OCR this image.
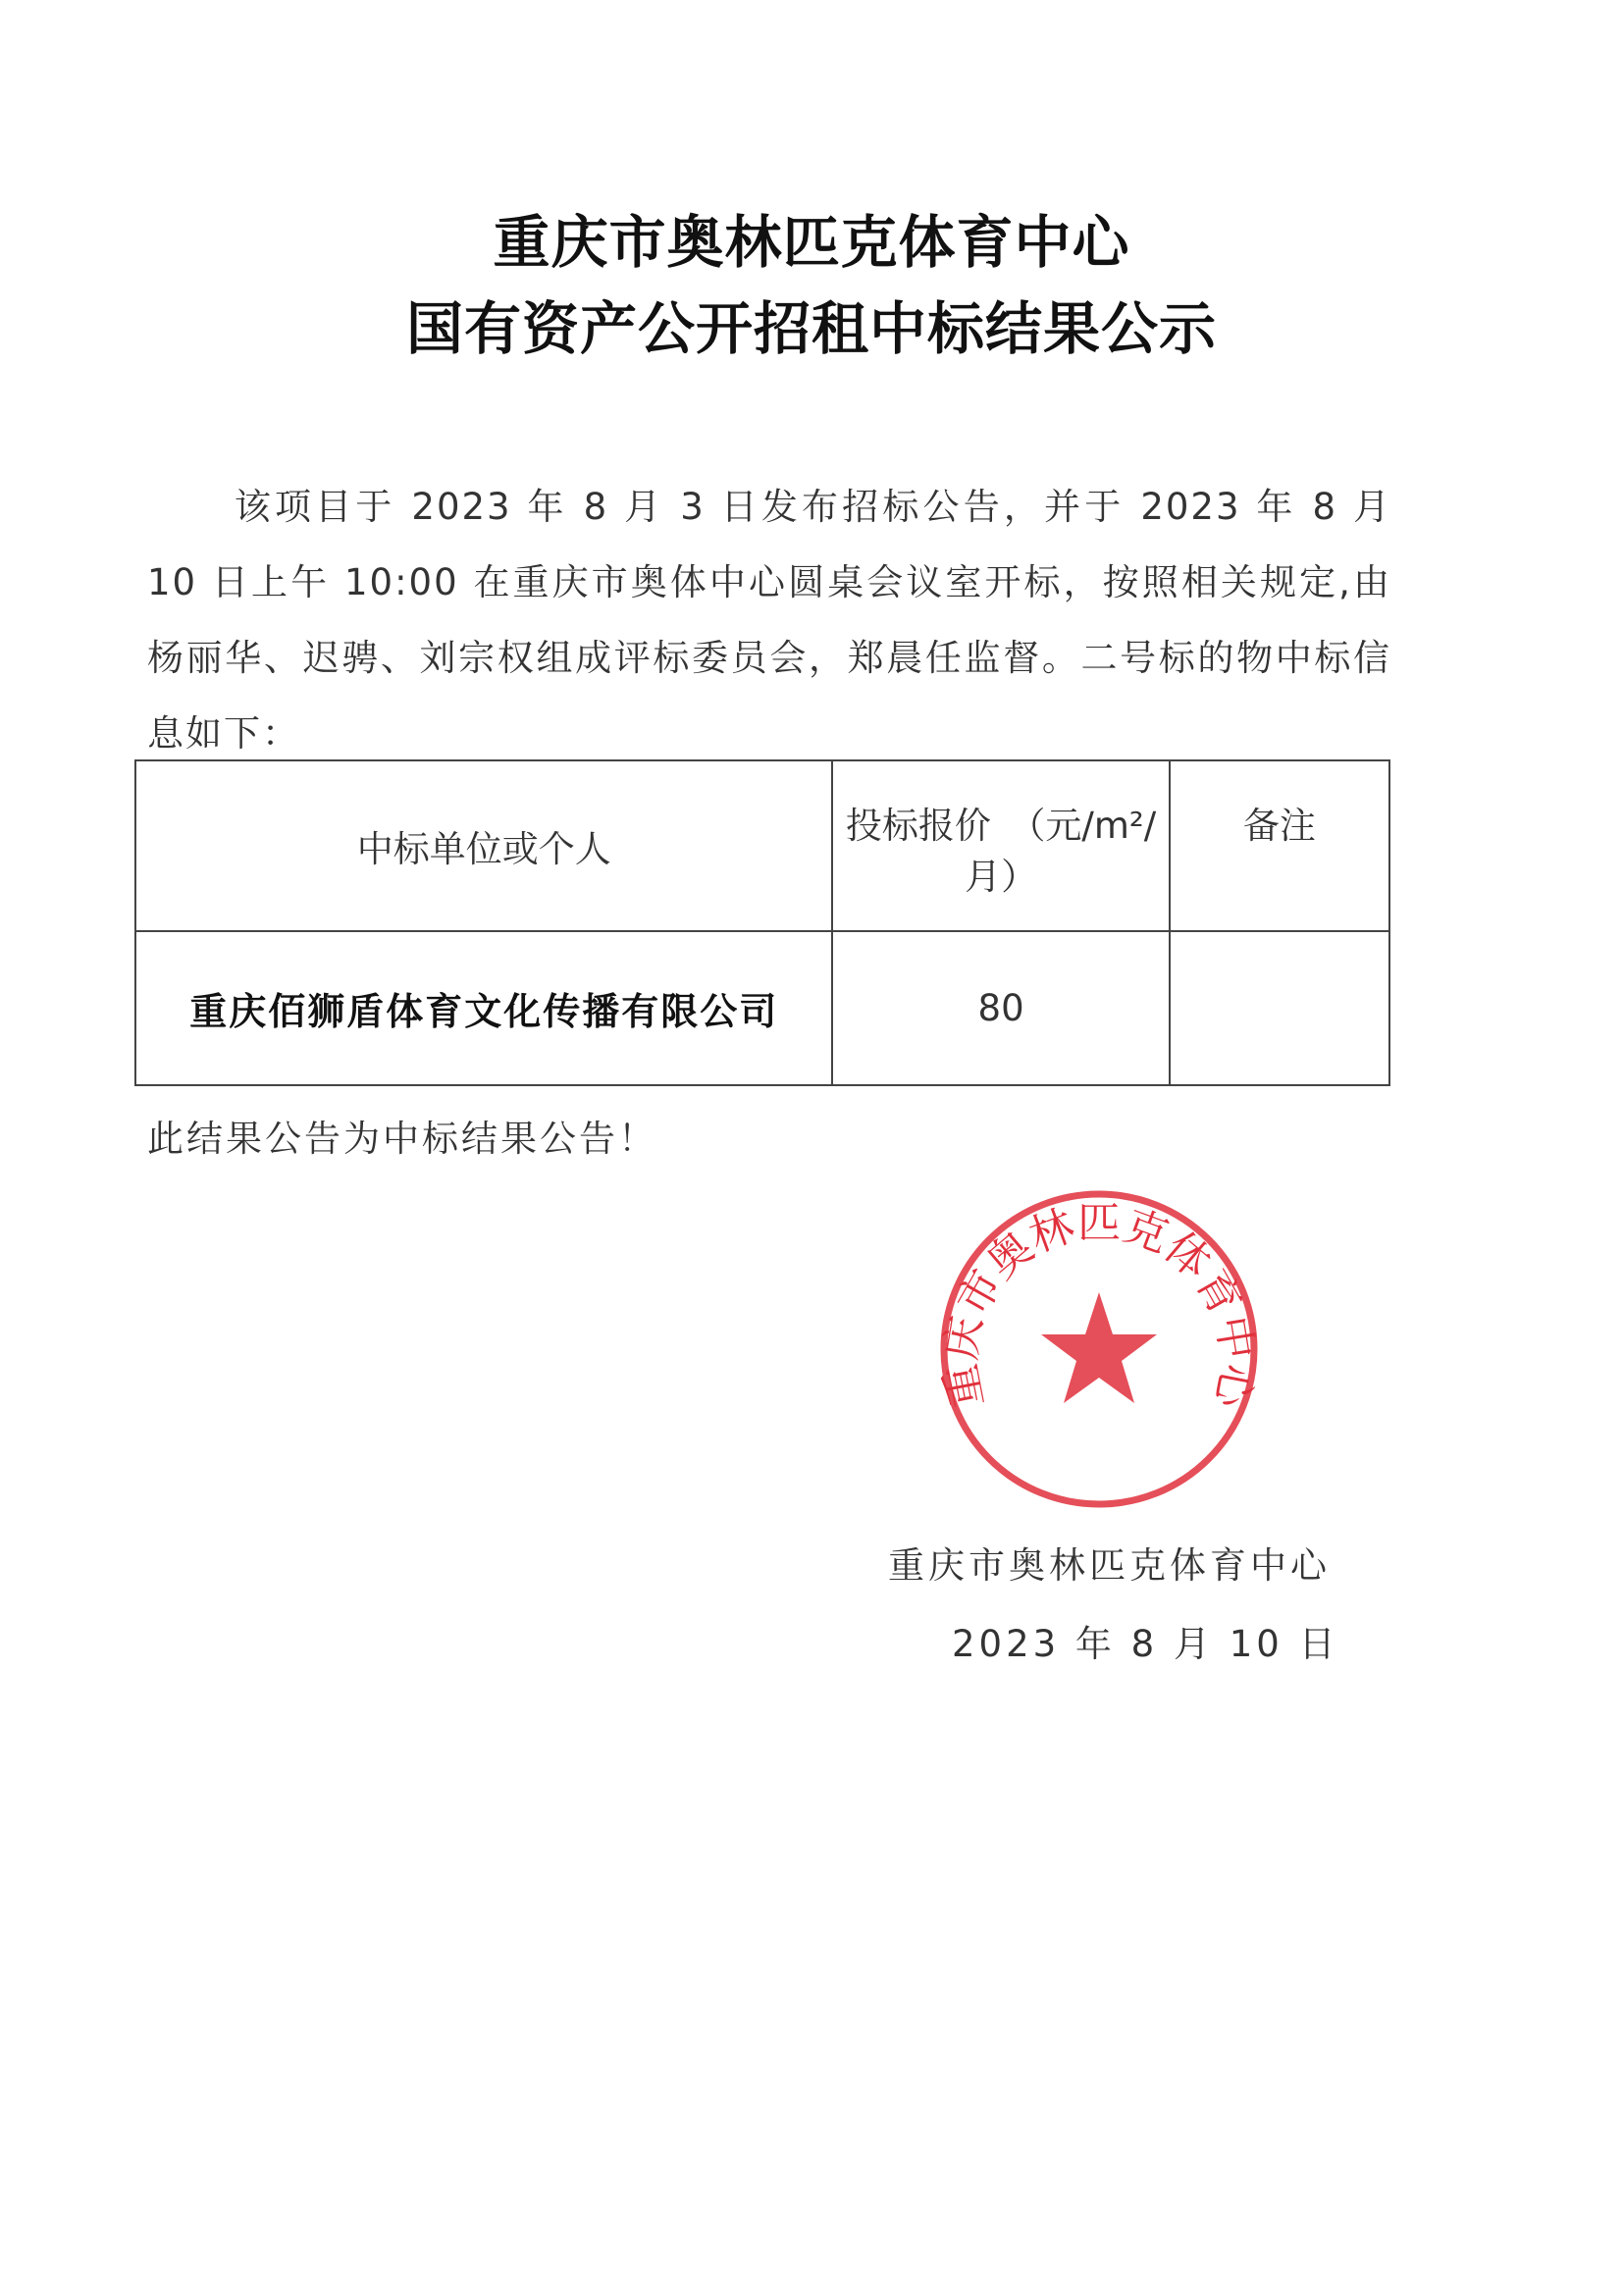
重庆市奥林匹克体育中心
国有资产公开招租中标结果公示
该项目于 2023 年 8 月 3 日发布招标公告，并于 2023 年 8 月 10 日上午 10:00 在重庆市奥体中心圆桌会议室开标，按照相关规定,由杨丽华、迟骋、刘宗权组成评标委员会，郑晨任监督。二号标的物中标信息如下：
中标单位或个人	投标报价　（元/m²/月）	备注
重庆佰狮盾体育文化传播有限公司	80	
此结果公告为中标结果公告！
重庆市奥林匹克体育中心
重庆市奥林匹克体育中心
2023 年 8 月 10 日
